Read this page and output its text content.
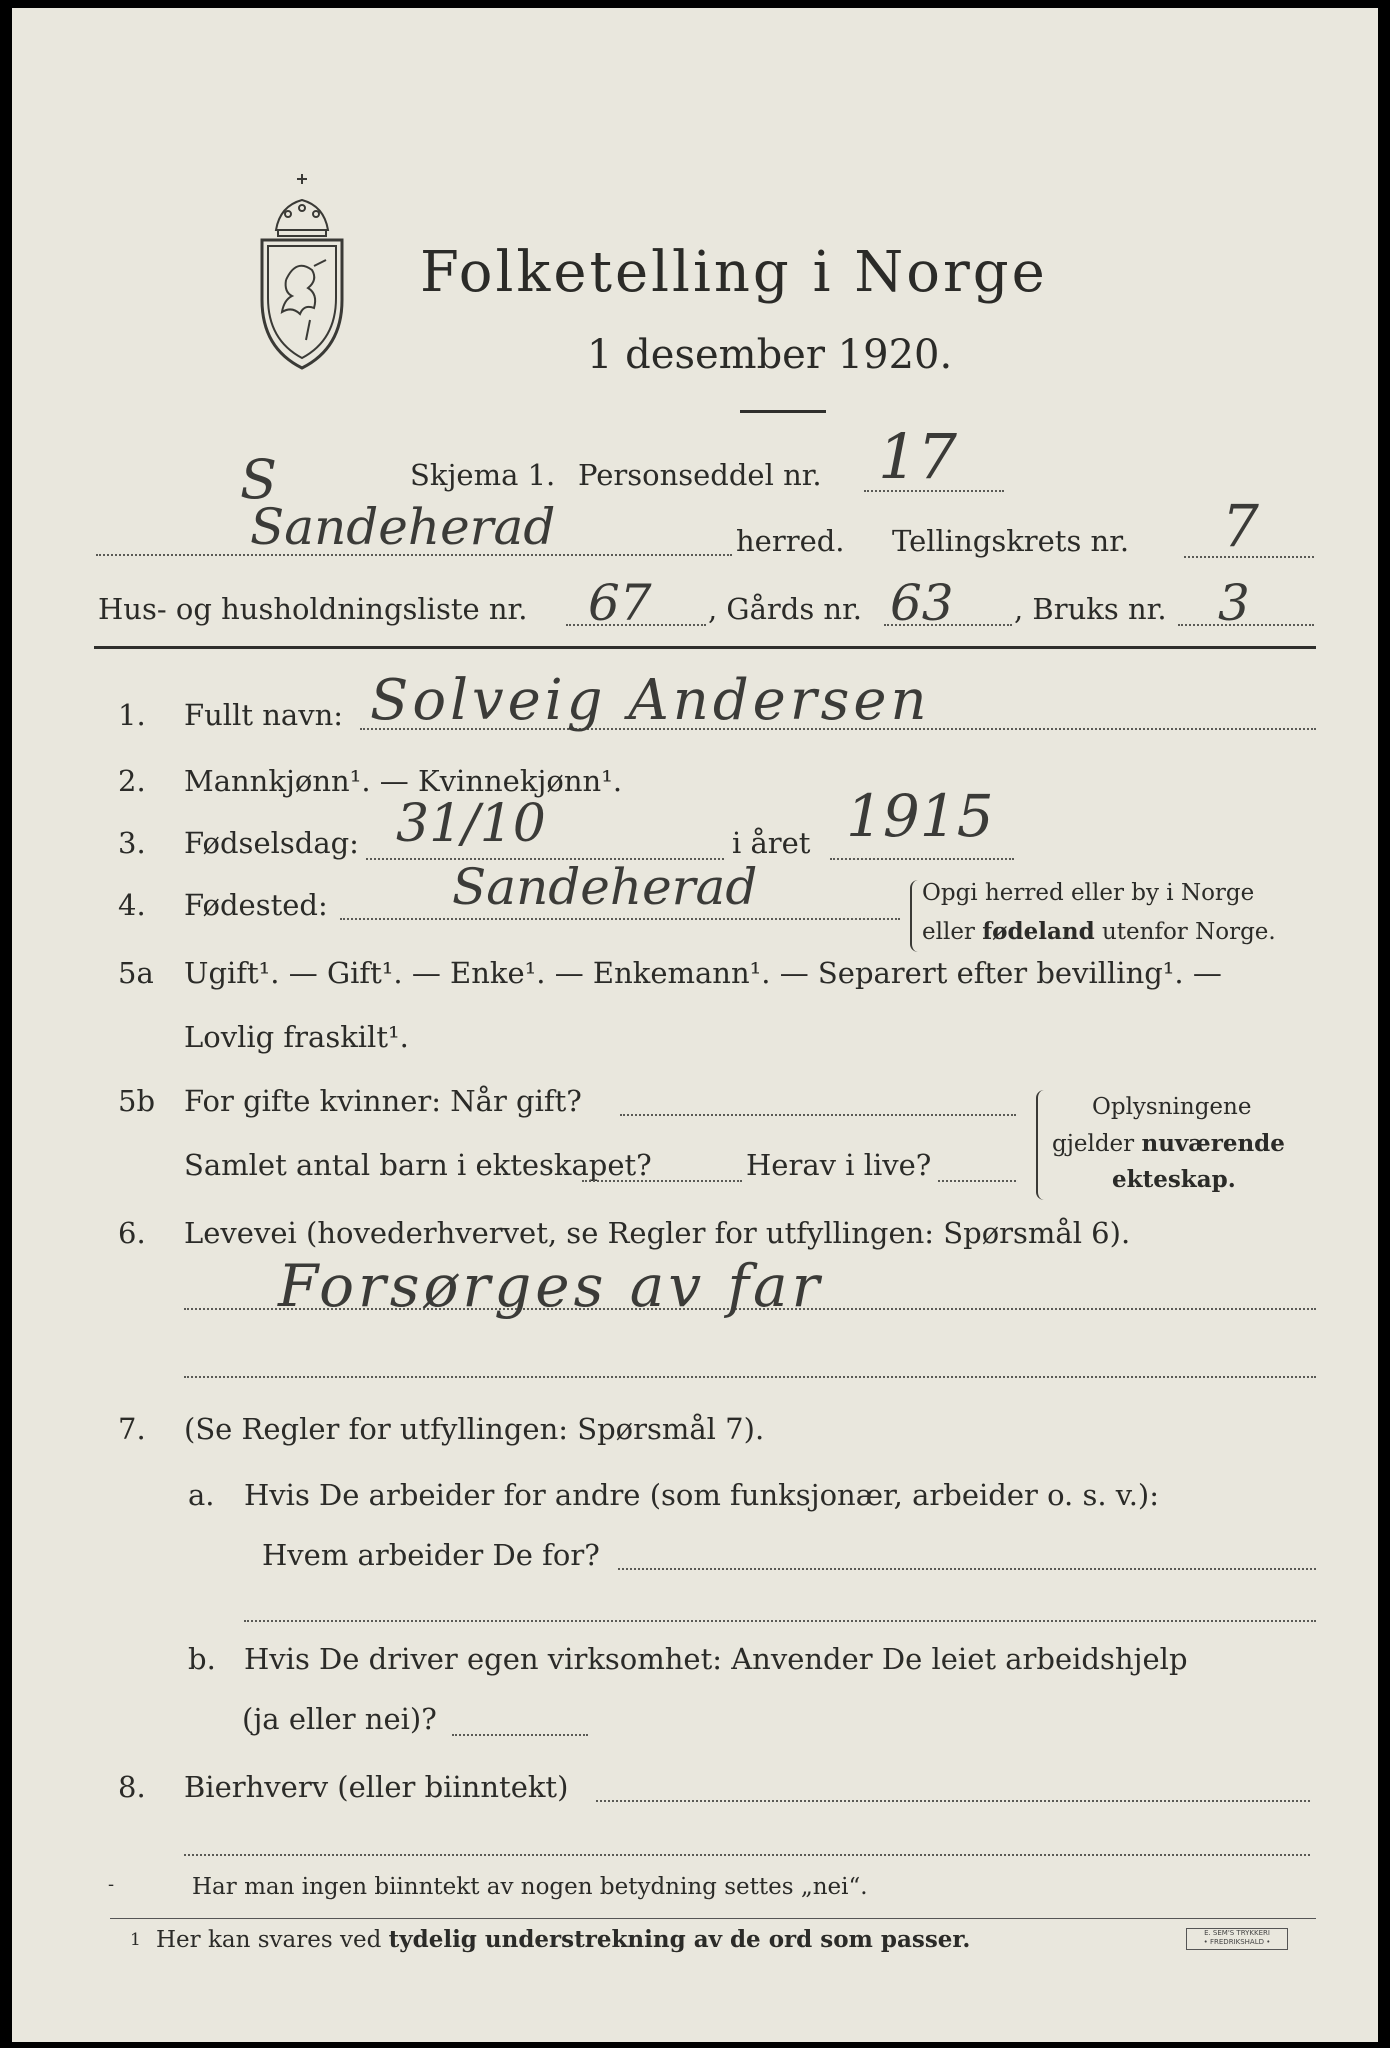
Folketelling i Norge
1 desember 1920.
S	Skjema 1. Personseddel nr. 17
Sandeherad	herred. Tellingskrets nr. 7
Hus- og husholdningsliste nr. 67 , Gårds nr. 63 , Bruks nr. 3
1. Fullt navn: Solveig Andersen
2. Mannkjønn¹. — Kvinnekjønn¹.
3. Fødselsdag: 31/10	i året 1915
4. Fødested: Sandeherad	Opgi herred eller by i Norge
eller fødeland utenfor Norge.
5a Ugift¹. — Gift¹. — Enke¹. — Enkemann¹. — Separert efter bevilling¹. —
Lovlig fraskilt¹.
5b For gifte kvinner: Når gift?
Samlet antal barn i ekteskapet?	Herav i live?
Oplysningene
gjelder nuværende
ekteskap.
6. Levevei (hovederhvervet, se Regler for utfyllingen: Spørsmål 6).
Forsørges av far
7. (Se Regler for utfyllingen: Spørsmål 7).
a. Hvis De arbeider for andre (som funksjonær, arbeider o. s. v.):
Hvem arbeider De for?
b. Hvis De driver egen virksomhet: Anvender De leiet arbeidshjelp
(ja eller nei)?
8. Bierhverv (eller biinntekt)
-	Har man ingen biinntekt av nogen betydning settes „nei“.
1 Her kan svares ved tydelig understrekning av de ord som passer.	E. SEM'S TRYKKERI
• FREDRIKSHALD •
